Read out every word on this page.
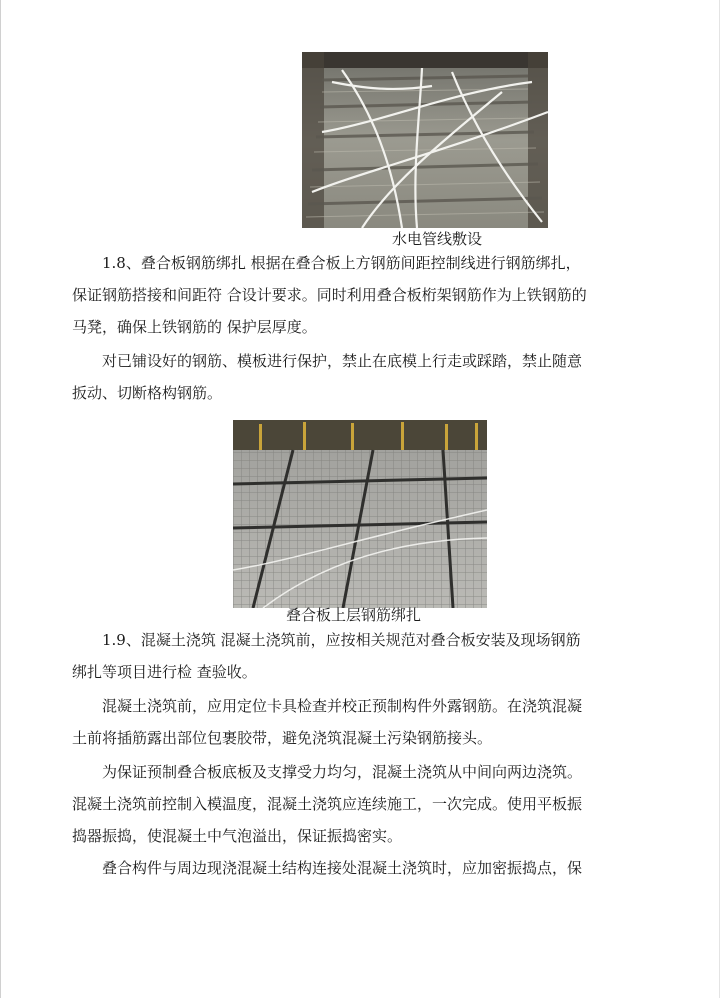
水电管线敷设

1.8、叠合板钢筋绑扎 根据在叠合板上方钢筋间距控制线进行钢筋绑扎，
保证钢筋搭接和间距符 合设计要求。同时利用叠合板桁架钢筋作为上铁钢筋的
马凳，确保上铁钢筋的 保护层厚度。

对已铺设好的钢筋、模板进行保护，禁止在底模上行走或踩踏，禁止随意
扳动、切断格构钢筋。

叠合板上层钢筋绑扎

1.9、混凝土浇筑 混凝土浇筑前，应按相关规范对叠合板安装及现场钢筋
绑扎等项目进行检 查验收。

混凝土浇筑前，应用定位卡具检查并校正预制构件外露钢筋。在浇筑混凝
土前将插筋露出部位包裹胶带，避免浇筑混凝土污染钢筋接头。

为保证预制叠合板底板及支撑受力均匀，混凝土浇筑从中间向两边浇筑。
混凝土浇筑前控制入模温度，混凝土浇筑应连续施工，一次完成。使用平板振
捣器振捣，使混凝土中气泡溢出，保证振捣密实。

叠合构件与周边现浇混凝土结构连接处混凝土浇筑时，应加密振捣点，保
